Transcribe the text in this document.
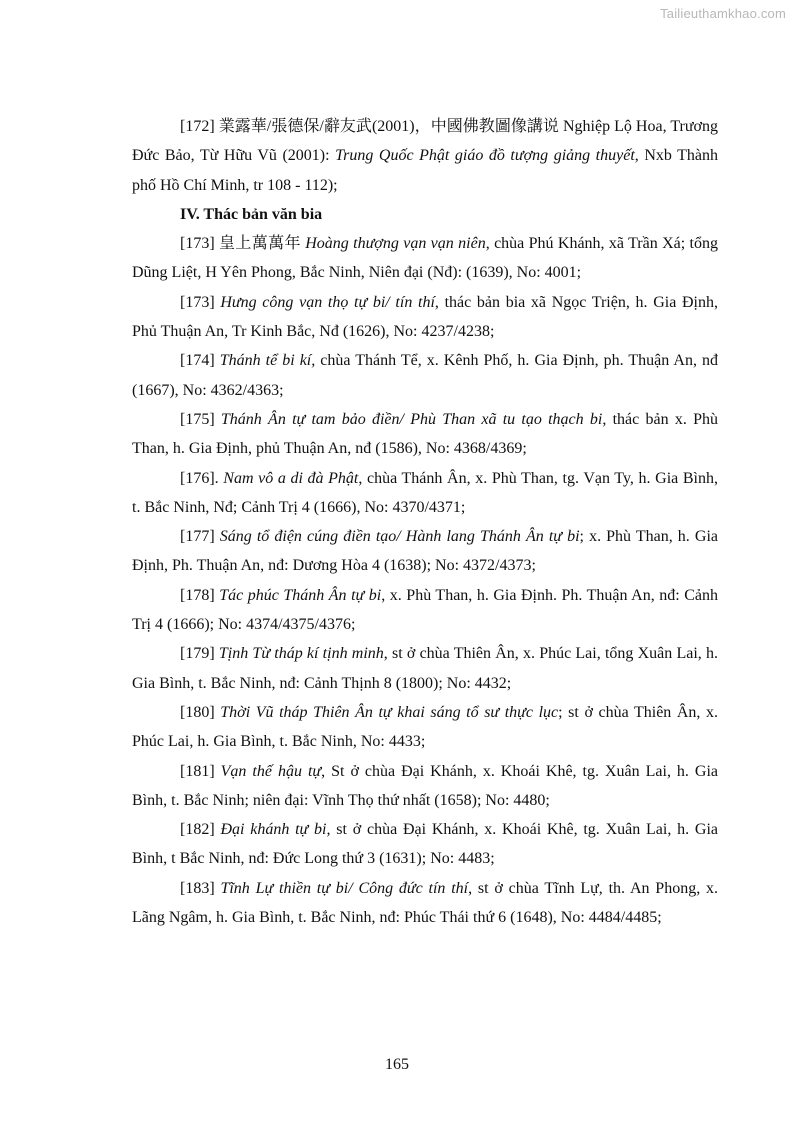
Tailieuthamkhao.com

[172] 業露華/張德保/辭友武(2001)，中國佛教圖像講说 Nghiệp Lộ Hoa, Trương Đức Bảo, Từ Hữu Vũ (2001): Trung Quốc Phật giáo đồ tượng giảng thuyết, Nxb Thành phố Hồ Chí Minh, tr 108 - 112);

IV. Thác bản văn bia

[173] 皇上萬萬年 Hoàng thượng vạn vạn niên, chùa Phú Khánh, xã Trần Xá; tổng Dũng Liệt, H Yên Phong, Bắc Ninh, Niên đại (Nđ): (1639), No: 4001;

[173] Hưng công vạn thọ tự bi/ tín thí, thác bản bia xã Ngọc Triện, h. Gia Định, Phủ Thuận An, Tr Kinh Bắc, Nđ (1626), No: 4237/4238;

[174] Thánh tể bi kí, chùa Thánh Tể, x. Kênh Phố, h. Gia Định, ph. Thuận An, nđ (1667), No: 4362/4363;

[175] Thánh Ân tự tam bảo điền/ Phù Than xã tu tạo thạch bi, thác bản x. Phù Than, h. Gia Định, phủ Thuận An, nđ (1586), No: 4368/4369;

[176]. Nam vô a di đà Phật, chùa Thánh Ân, x. Phù Than, tg. Vạn Ty, h. Gia Bình, t. Bắc Ninh, Nđ; Cảnh Trị 4 (1666), No: 4370/4371;

[177] Sáng tổ điện cúng điền tạo/ Hành lang Thánh Ân tự bi; x. Phù Than, h. Gia Định, Ph. Thuận An, nđ: Dương Hòa 4 (1638); No: 4372/4373;

[178] Tác phúc Thánh Ân tự bi, x. Phù Than, h. Gia Định. Ph. Thuận An, nđ: Cảnh Trị 4 (1666); No: 4374/4375/4376;

[179] Tịnh Từ tháp kí tịnh minh, st ở chùa Thiên Ân, x. Phúc Lai, tổng Xuân Lai, h. Gia Bình, t. Bắc Ninh, nđ: Cảnh Thịnh 8 (1800); No: 4432;

[180] Thời Vũ tháp Thiên Ân tự khai sáng tổ sư thực lục; st ở chùa Thiên Ân, x. Phúc Lai, h. Gia Bình, t. Bắc Ninh, No: 4433;

[181] Vạn thế hậu tự, St ở chùa Đại Khánh, x. Khoái Khê, tg. Xuân Lai, h. Gia Bình, t. Bắc Ninh; niên đại: Vĩnh Thọ thứ nhất (1658); No: 4480;

[182] Đại khánh tự bi, st ở chùa Đại Khánh, x. Khoái Khê, tg. Xuân Lai, h. Gia Bình, t Bắc Ninh, nđ: Đức Long thứ 3 (1631); No: 4483;

[183] Tĩnh Lự thiền tự bi/ Công đức tín thí, st ở chùa Tĩnh Lự, th. An Phong, x. Lãng Ngâm, h. Gia Bình, t. Bắc Ninh, nđ: Phúc Thái thứ 6 (1648), No: 4484/4485;

165
